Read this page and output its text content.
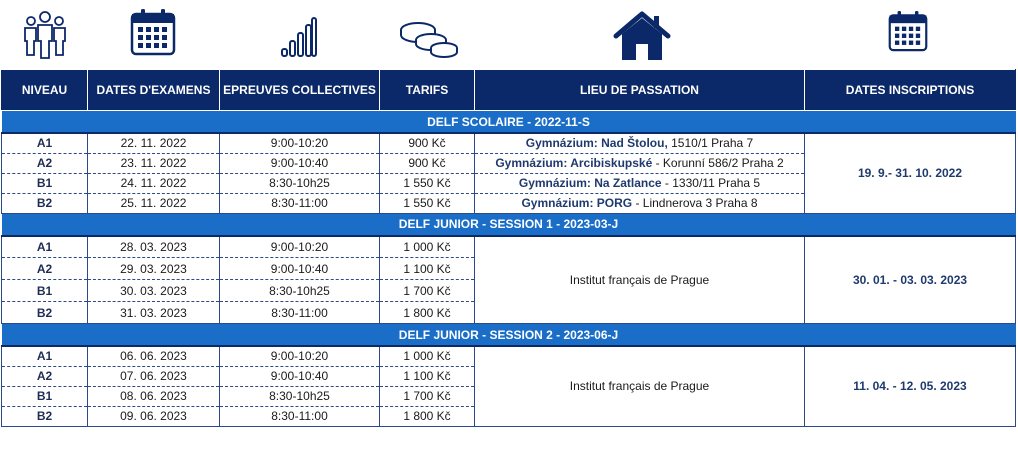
NIVEAU	DATES D'EXAMENS	EPREUVES COLLECTIVES	TARIFS	LIEU DE PASSATION	DATES INSCRIPTIONS
DELF SCOLAIRE - 2022-11-S					
A1	22. 11. 2022	9:00-10:20	900 Kč	Gymnázium: Nad Štolou, 1510/1 Praha 7	19. 9.- 31. 10. 2022
A2	23. 11. 2022	9:00-10:40	900 Kč	Gymnázium: Arcibiskupské - Korunní 586/2 Praha 2	
B1	24. 11. 2022	8:30-10h25	1 550 Kč	Gymnázium: Na Zatlance - 1330/11 Praha 5	
B2	25. 11. 2022	8:30-11:00	1 550 Kč	Gymnázium: PORG - Lindnerova 3 Praha 8	
DELF JUNIOR - SESSION 1 - 2023-03-J					
A1	28. 03. 2023	9:00-10:20	1 000 Kč	Institut français de Prague	30. 01. - 03. 03. 2023
A2	29. 03. 2023	9:00-10:40	1 100 Kč		
B1	30. 03. 2023	8:30-10h25	1 700 Kč		
B2	31. 03. 2023	8:30-11:00	1 800 Kč		
DELF JUNIOR - SESSION 2 - 2023-06-J					
A1	06. 06. 2023	9:00-10:20	1 000 Kč	Institut français de Prague	11. 04. - 12. 05. 2023
A2	07. 06. 2023	9:00-10:40	1 100 Kč		
B1	08. 06. 2023	8:30-10h25	1 700 Kč		
B2	09. 06. 2023	8:30-11:00	1 800 Kč		
